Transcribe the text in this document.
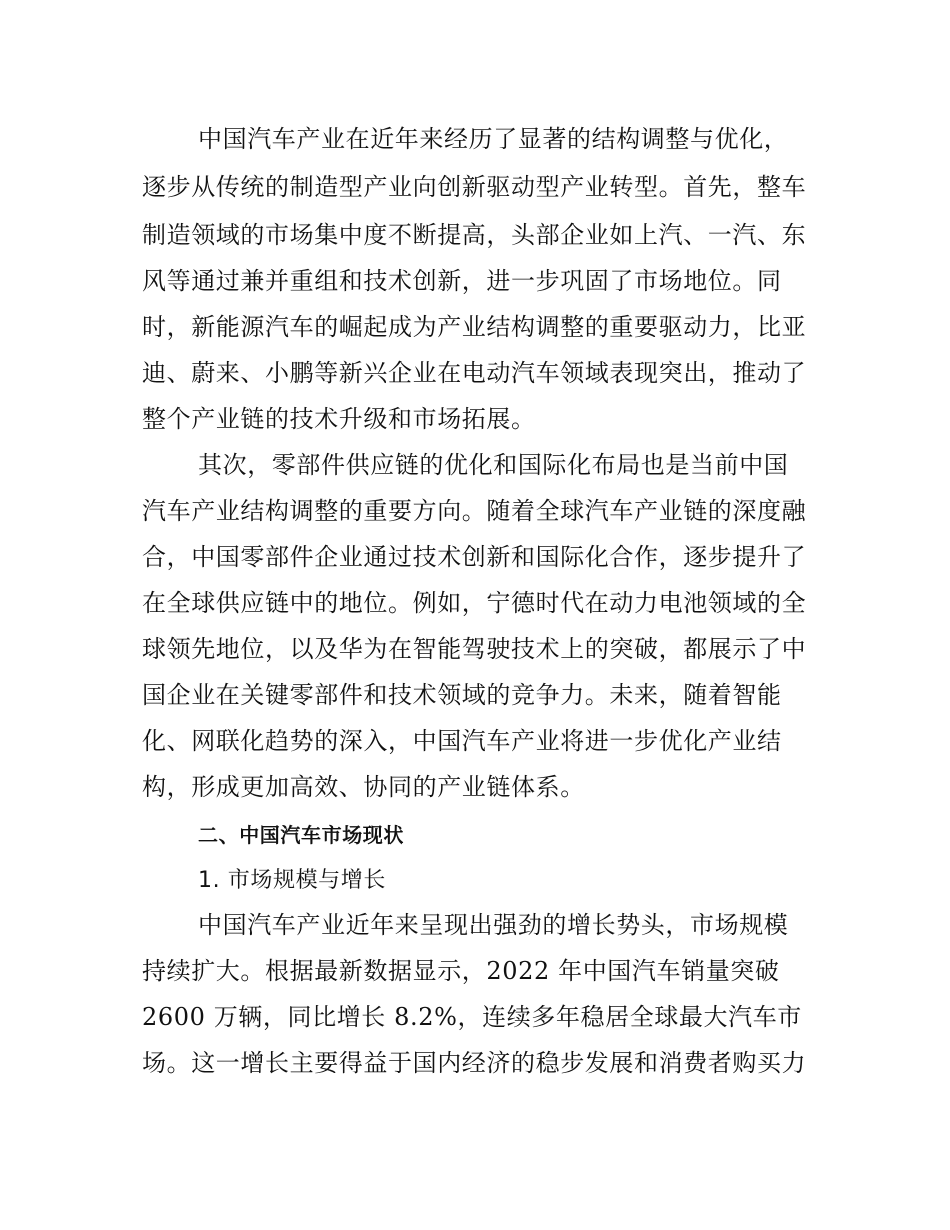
中国汽车产业在近年来经历了显著的结构调整与优化，
逐步从传统的制造型产业向创新驱动型产业转型。首先，整车
制造领域的市场集中度不断提高，头部企业如上汽、一汽、东
风等通过兼并重组和技术创新，进一步巩固了市场地位。同
时，新能源汽车的崛起成为产业结构调整的重要驱动力，比亚
迪、蔚来、小鹏等新兴企业在电动汽车领域表现突出，推动了
整个产业链的技术升级和市场拓展。
其次，零部件供应链的优化和国际化布局也是当前中国
汽车产业结构调整的重要方向。随着全球汽车产业链的深度融
合，中国零部件企业通过技术创新和国际化合作，逐步提升了
在全球供应链中的地位。例如，宁德时代在动力电池领域的全
球领先地位，以及华为在智能驾驶技术上的突破，都展示了中
国企业在关键零部件和技术领域的竞争力。未来，随着智能
化、网联化趋势的深入，中国汽车产业将进一步优化产业结
构，形成更加高效、协同的产业链体系。
二、中国汽车市场现状
1. 市场规模与增长
中国汽车产业近年来呈现出强劲的增长势头，市场规模
持续扩大。根据最新数据显示，2022 年中国汽车销量突破
2600 万辆，同比增长 8.2%，连续多年稳居全球最大汽车市
场。这一增长主要得益于国内经济的稳步发展和消费者购买力
